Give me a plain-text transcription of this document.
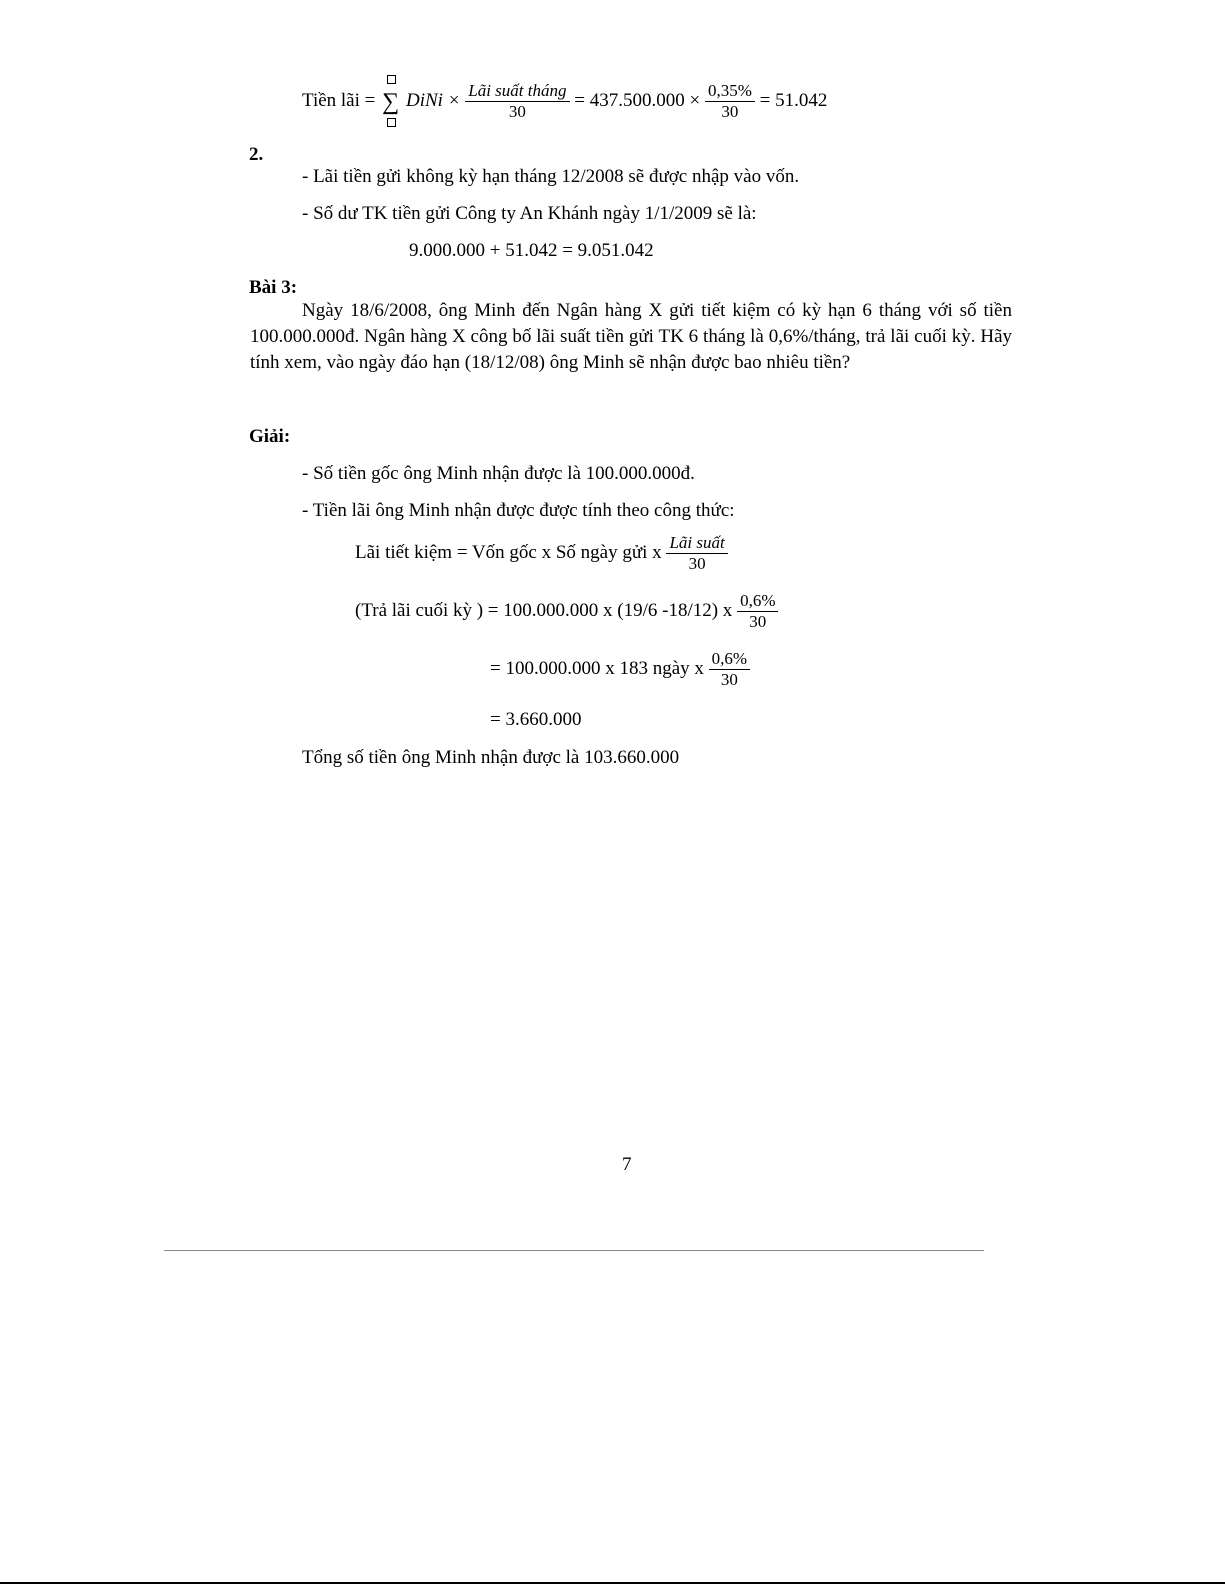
Tiền lãi = ∑ DiNi × $\frac{\text{Lãi suất tháng}}{30} = 437.500.000 \times \frac{0,35\%}{30} = 51.042$
2.
- Lãi tiền gửi không kỳ hạn tháng 12/2008 sẽ được nhập vào vốn.
- Số dư TK tiền gửi Công ty An Khánh ngày 1/1/2009 sẽ là:
9.000.000 + 51.042 = 9.051.042
Bài 3:
Ngày 18/6/2008, ông Minh đến Ngân hàng X gửi tiết kiệm có kỳ hạn 6 tháng với số tiền 100.000.000đ. Ngân hàng X công bố lãi suất tiền gửi TK 6 tháng là 0,6%/tháng, trả lãi cuối kỳ. Hãy tính xem, vào ngày đáo hạn (18/12/08) ông Minh sẽ nhận được bao nhiêu tiền?
Giải:
- Số tiền gốc ông Minh nhận được là 100.000.000đ.
- Tiền lãi ông Minh nhận được được tính theo công thức:
Lãi tiết kiệm = Vốn gốc x Số ngày gửi x $\frac{\text{Lãi suất}}{30}$
(Trả lãi cuối kỳ ) = 100.000.000 x (19/6 -18/12) x $\frac{0,6\%}{30}$
= 100.000.000 x 183 ngày x $\frac{0,6\%}{30}$
= 3.660.000
Tổng số tiền ông Minh nhận được là 103.660.000
7
